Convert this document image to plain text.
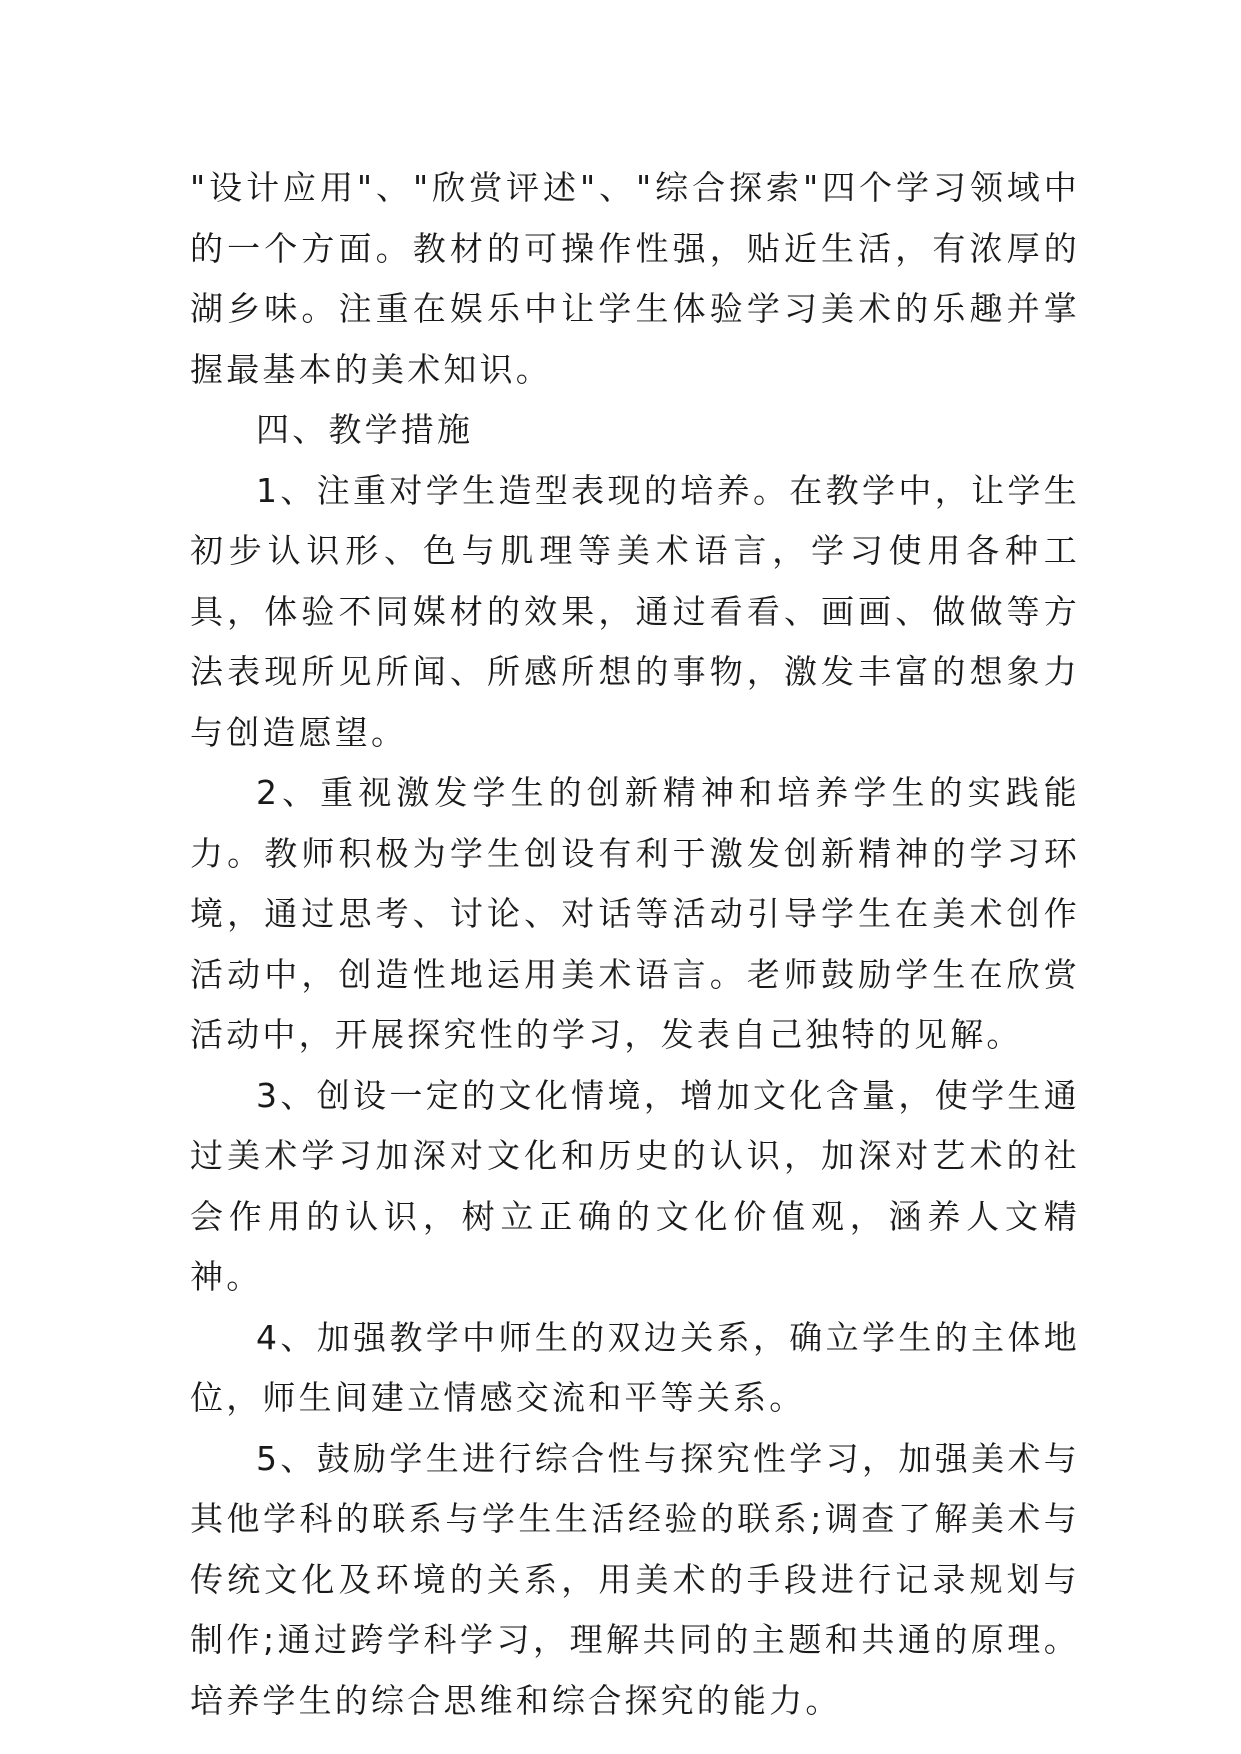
"设计应用"、"欣赏评述"、"综合探索"四个学习领域中的一个方面。教材的可操作性强，贴近生活，有浓厚的湖乡味。注重在娱乐中让学生体验学习美术的乐趣并掌握最基本的美术知识。

四、教学措施

1、注重对学生造型表现的培养。在教学中，让学生初步认识形、色与肌理等美术语言，学习使用各种工具，体验不同媒材的效果，通过看看、画画、做做等方法表现所见所闻、所感所想的事物，激发丰富的想象力与创造愿望。

2、重视激发学生的创新精神和培养学生的实践能力。教师积极为学生创设有利于激发创新精神的学习环境，通过思考、讨论、对话等活动引导学生在美术创作活动中，创造性地运用美术语言。老师鼓励学生在欣赏活动中，开展探究性的学习，发表自己独特的见解。

3、创设一定的文化情境，增加文化含量，使学生通过美术学习加深对文化和历史的认识，加深对艺术的社会作用的认识，树立正确的文化价值观，涵养人文精神。

4、加强教学中师生的双边关系，确立学生的主体地位，师生间建立情感交流和平等关系。

5、鼓励学生进行综合性与探究性学习，加强美术与其他学科的联系与学生生活经验的联系;调查了解美术与传统文化及环境的关系，用美术的手段进行记录规划与制作;通过跨学科学习，理解共同的主题和共通的原理。培养学生的综合思维和综合探究的能力。
